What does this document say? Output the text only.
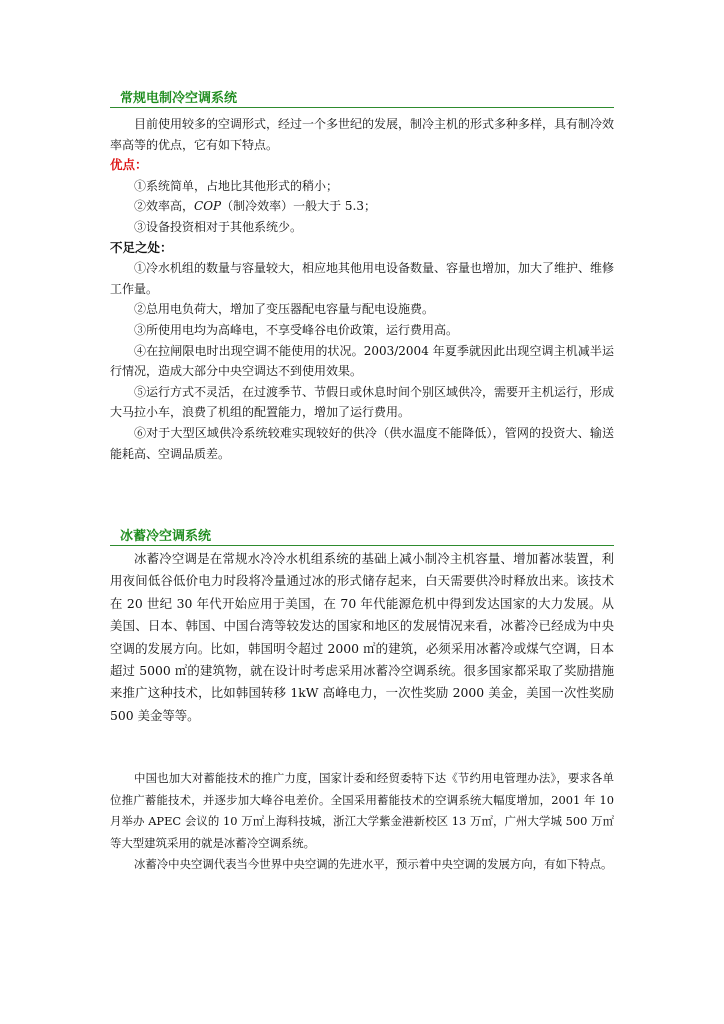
常规电制冷空调系统

目前使用较多的空调形式，经过一个多世纪的发展，制冷主机的形式多种多样，具有制冷效率高等的优点，它有如下特点。

优点：

①系统简单，占地比其他形式的稍小；

②效率高，COP（制冷效率）一般大于 5.3；

③设备投资相对于其他系统少。

不足之处：

①冷水机组的数量与容量较大，相应地其他用电设备数量、容量也增加，加大了维护、维修工作量。

②总用电负荷大，增加了变压器配电容量与配电设施费。

③所使用电均为高峰电，不享受峰谷电价政策，运行费用高。

④在拉闸限电时出现空调不能使用的状况。2003/2004 年夏季就因此出现空调主机减半运行情况，造成大部分中央空调达不到使用效果。

⑤运行方式不灵活，在过渡季节、节假日或休息时间个别区域供冷，需要开主机运行，形成大马拉小车，浪费了机组的配置能力，增加了运行费用。

⑥对于大型区域供冷系统较难实现较好的供冷（供水温度不能降低），管网的投资大、输送能耗高、空调品质差。

冰蓄冷空调系统

冰蓄冷空调是在常规水冷冷水机组系统的基础上减小制冷主机容量、增加蓄冰装置，利用夜间低谷低价电力时段将冷量通过冰的形式储存起来，白天需要供冷时释放出来。该技术在 20 世纪 30 年代开始应用于美国，在 70 年代能源危机中得到发达国家的大力发展。从美国、日本、韩国、中国台湾等较发达的国家和地区的发展情况来看，冰蓄冷已经成为中央空调的发展方向。比如，韩国明令超过 2000 ㎡的建筑，必须采用冰蓄冷或煤气空调，日本超过 5000 ㎡的建筑物，就在设计时考虑采用冰蓄冷空调系统。很多国家都采取了奖励措施来推广这种技术，比如韩国转移 1kW 高峰电力，一次性奖励 2000 美金，美国一次性奖励 500 美金等等。

中国也加大对蓄能技术的推广力度，国家计委和经贸委特下达《节约用电管理办法》，要求各单位推广蓄能技术，并逐步加大峰谷电差价。全国采用蓄能技术的空调系统大幅度增加，2001 年 10 月举办 APEC 会议的 10 万㎡上海科技城，浙江大学紫金港新校区 13 万㎡，广州大学城 500 万㎡等大型建筑采用的就是冰蓄冷空调系统。

冰蓄冷中央空调代表当今世界中央空调的先进水平，预示着中央空调的发展方向，有如下特点。
